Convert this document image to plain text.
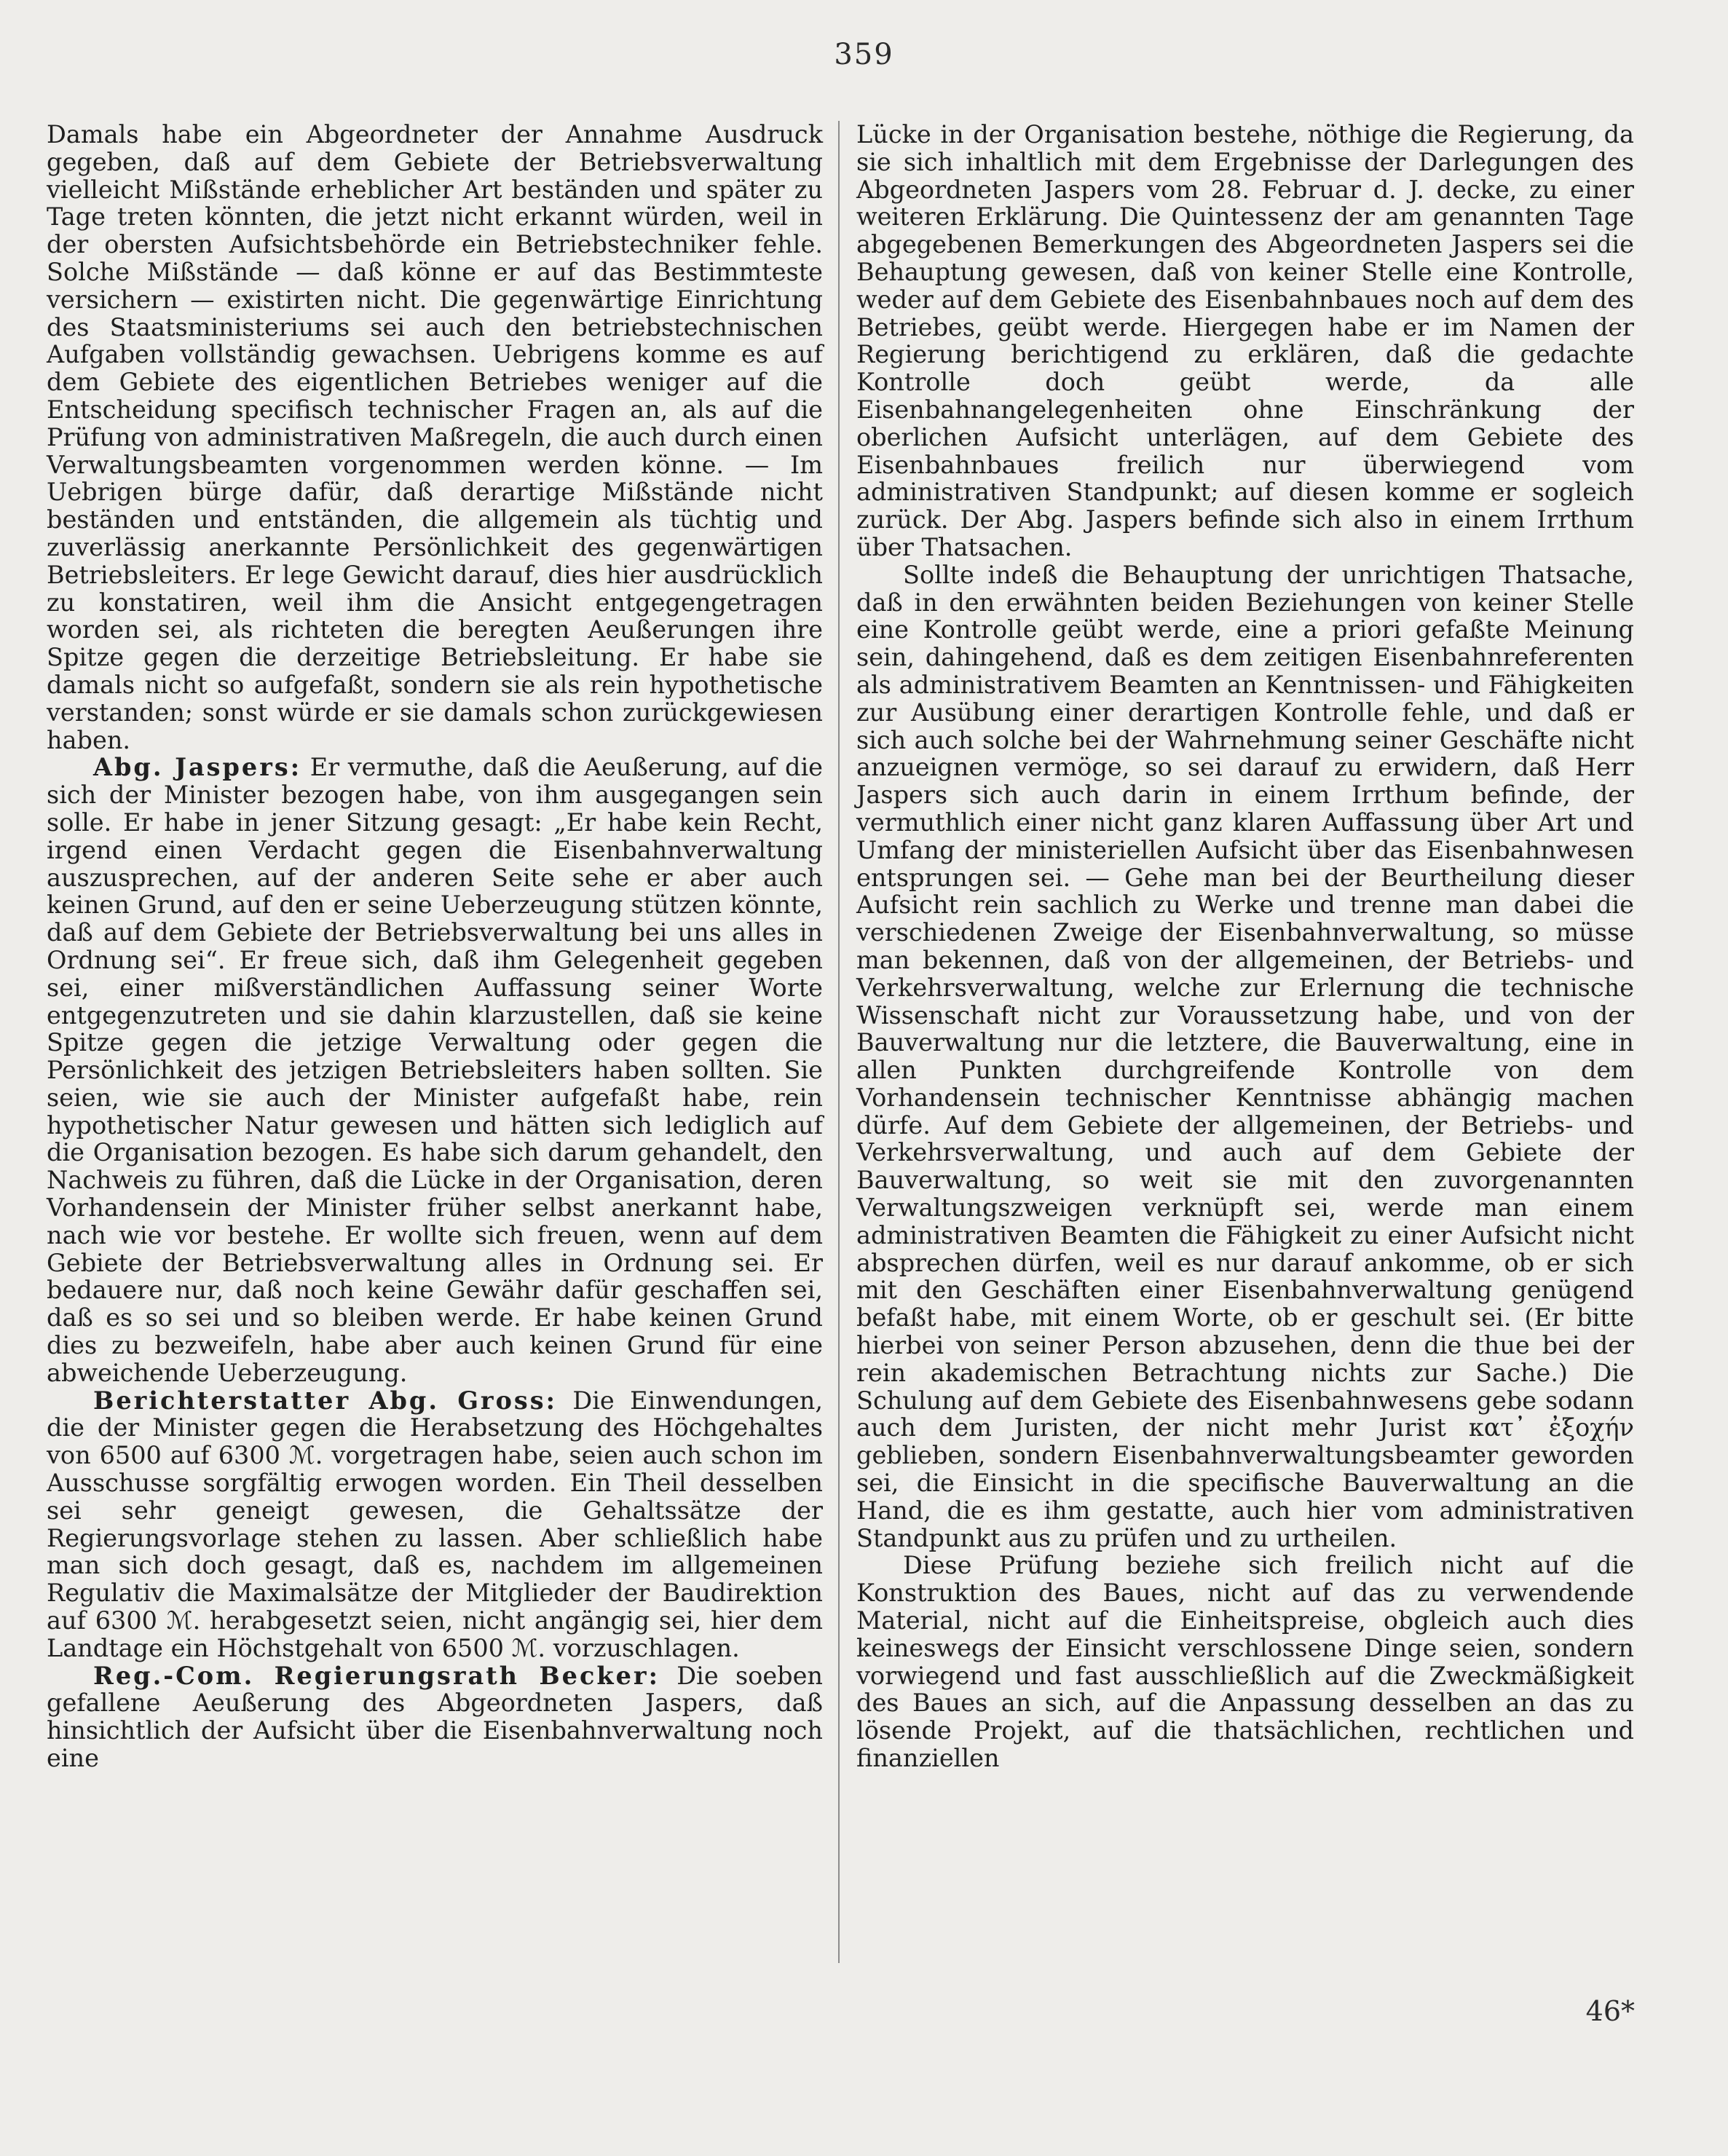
359

Damals habe ein Abgeordneter der Annahme Ausdruck gegeben, daß auf dem Gebiete der Betriebsverwaltung vielleicht Mißstände erheblicher Art beständen und später zu Tage treten könnten, die jetzt nicht erkannt würden, weil in der obersten Aufsichtsbehörde ein Betriebstechniker fehle. Solche Mißstände — daß könne er auf das Bestimmteste versichern — existirten nicht. Die gegenwärtige Einrichtung des Staatsministeriums sei auch den betriebstechnischen Aufgaben vollständig gewachsen. Uebrigens komme es auf dem Gebiete des eigentlichen Betriebes weniger auf die Entscheidung specifisch technischer Fragen an, als auf die Prüfung von administrativen Maßregeln, die auch durch einen Verwaltungsbeamten vorgenommen werden könne. — Im Uebrigen bürge dafür, daß derartige Mißstände nicht beständen und entständen, die allgemein als tüchtig und zuverlässig anerkannte Persönlichkeit des gegenwärtigen Betriebsleiters. Er lege Gewicht darauf, dies hier ausdrücklich zu konstatiren, weil ihm die Ansicht entgegengetragen worden sei, als richteten die beregten Aeußerungen ihre Spitze gegen die derzeitige Betriebsleitung. Er habe sie damals nicht so aufgefaßt, sondern sie als rein hypothetische verstanden; sonst würde er sie damals schon zurückgewiesen haben.

Abg. Jaspers: Er vermuthe, daß die Aeußerung, auf die sich der Minister bezogen habe, von ihm ausgegangen sein solle. Er habe in jener Sitzung gesagt: „Er habe kein Recht, irgend einen Verdacht gegen die Eisenbahnverwaltung auszusprechen, auf der anderen Seite sehe er aber auch keinen Grund, auf den er seine Ueberzeugung stützen könnte, daß auf dem Gebiete der Betriebsverwaltung bei uns alles in Ordnung sei“. Er freue sich, daß ihm Gelegenheit gegeben sei, einer mißverständlichen Auffassung seiner Worte entgegenzutreten und sie dahin klarzustellen, daß sie keine Spitze gegen die jetzige Verwaltung oder gegen die Persönlichkeit des jetzigen Betriebsleiters haben sollten. Sie seien, wie sie auch der Minister aufgefaßt habe, rein hypothetischer Natur gewesen und hätten sich lediglich auf die Organisation bezogen. Es habe sich darum gehandelt, den Nachweis zu führen, daß die Lücke in der Organisation, deren Vorhandensein der Minister früher selbst anerkannt habe, nach wie vor bestehe. Er wollte sich freuen, wenn auf dem Gebiete der Betriebsverwaltung alles in Ordnung sei. Er bedauere nur, daß noch keine Gewähr dafür geschaffen sei, daß es so sei und so bleiben werde. Er habe keinen Grund dies zu bezweifeln, habe aber auch keinen Grund für eine abweichende Ueberzeugung.

Berichterstatter Abg. Gross: Die Einwendungen, die der Minister gegen die Herabsetzung des Höchgehaltes von 6500 auf 6300 ℳ. vorgetragen habe, seien auch schon im Ausschusse sorgfältig erwogen worden. Ein Theil desselben sei sehr geneigt gewesen, die Gehaltssätze der Regierungsvorlage stehen zu lassen. Aber schließlich habe man sich doch gesagt, daß es, nachdem im allgemeinen Regulativ die Maximalsätze der Mitglieder der Baudirektion auf 6300 ℳ. herabgesetzt seien, nicht angängig sei, hier dem Landtage ein Höchstgehalt von 6500 ℳ. vorzuschlagen.

Reg.-Com. Regierungsrath Becker: Die soeben gefallene Aeußerung des Abgeordneten Jaspers, daß hinsichtlich der Aufsicht über die Eisenbahnverwaltung noch eine

Lücke in der Organisation bestehe, nöthige die Regierung, da sie sich inhaltlich mit dem Ergebnisse der Darlegungen des Abgeordneten Jaspers vom 28. Februar d. J. decke, zu einer weiteren Erklärung. Die Quintessenz der am genannten Tage abgegebenen Bemerkungen des Abgeordneten Jaspers sei die Behauptung gewesen, daß von keiner Stelle eine Kontrolle, weder auf dem Gebiete des Eisenbahnbaues noch auf dem des Betriebes, geübt werde. Hiergegen habe er im Namen der Regierung berichtigend zu erklären, daß die gedachte Kontrolle doch geübt werde, da alle Eisenbahnangelegenheiten ohne Einschränkung der oberlichen Aufsicht unterlägen, auf dem Gebiete des Eisenbahnbaues freilich nur überwiegend vom administrativen Standpunkt; auf diesen komme er sogleich zurück. Der Abg. Jaspers befinde sich also in einem Irrthum über Thatsachen.

Sollte indeß die Behauptung der unrichtigen Thatsache, daß in den erwähnten beiden Beziehungen von keiner Stelle eine Kontrolle geübt werde, eine a priori gefaßte Meinung sein, dahingehend, daß es dem zeitigen Eisenbahnreferenten als administrativem Beamten an Kenntnissen- und Fähigkeiten zur Ausübung einer derartigen Kontrolle fehle, und daß er sich auch solche bei der Wahrnehmung seiner Geschäfte nicht anzueignen vermöge, so sei darauf zu erwidern, daß Herr Jaspers sich auch darin in einem Irrthum befinde, der vermuthlich einer nicht ganz klaren Auffassung über Art und Umfang der ministeriellen Aufsicht über das Eisenbahnwesen entsprungen sei. — Gehe man bei der Beurtheilung dieser Aufsicht rein sachlich zu Werke und trenne man dabei die verschiedenen Zweige der Eisenbahnverwaltung, so müsse man bekennen, daß von der allgemeinen, der Betriebs- und Verkehrsverwaltung, welche zur Erlernung die technische Wissenschaft nicht zur Voraussetzung habe, und von der Bauverwaltung nur die letztere, die Bauverwaltung, eine in allen Punkten durchgreifende Kontrolle von dem Vorhandensein technischer Kenntnisse abhängig machen dürfe. Auf dem Gebiete der allgemeinen, der Betriebs- und Verkehrsverwaltung, und auch auf dem Gebiete der Bauverwaltung, so weit sie mit den zuvorgenannten Verwaltungszweigen verknüpft sei, werde man einem administrativen Beamten die Fähigkeit zu einer Aufsicht nicht absprechen dürfen, weil es nur darauf ankomme, ob er sich mit den Geschäften einer Eisenbahnverwaltung genügend befaßt habe, mit einem Worte, ob er geschult sei. (Er bitte hierbei von seiner Person abzusehen, denn die thue bei der rein akademischen Betrachtung nichts zur Sache.) Die Schulung auf dem Gebiete des Eisenbahnwesens gebe sodann auch dem Juristen, der nicht mehr Jurist κατ᾽ ἐξοχήν geblieben, sondern Eisenbahnverwaltungsbeamter geworden sei, die Einsicht in die specifische Bauverwaltung an die Hand, die es ihm gestatte, auch hier vom administrativen Standpunkt aus zu prüfen und zu urtheilen.

Diese Prüfung beziehe sich freilich nicht auf die Konstruktion des Baues, nicht auf das zu verwendende Material, nicht auf die Einheitspreise, obgleich auch dies keineswegs der Einsicht verschlossene Dinge seien, sondern vorwiegend und fast ausschließlich auf die Zweckmäßigkeit des Baues an sich, auf die Anpassung desselben an das zu lösende Projekt, auf die thatsächlichen, rechtlichen und finanziellen

46*
